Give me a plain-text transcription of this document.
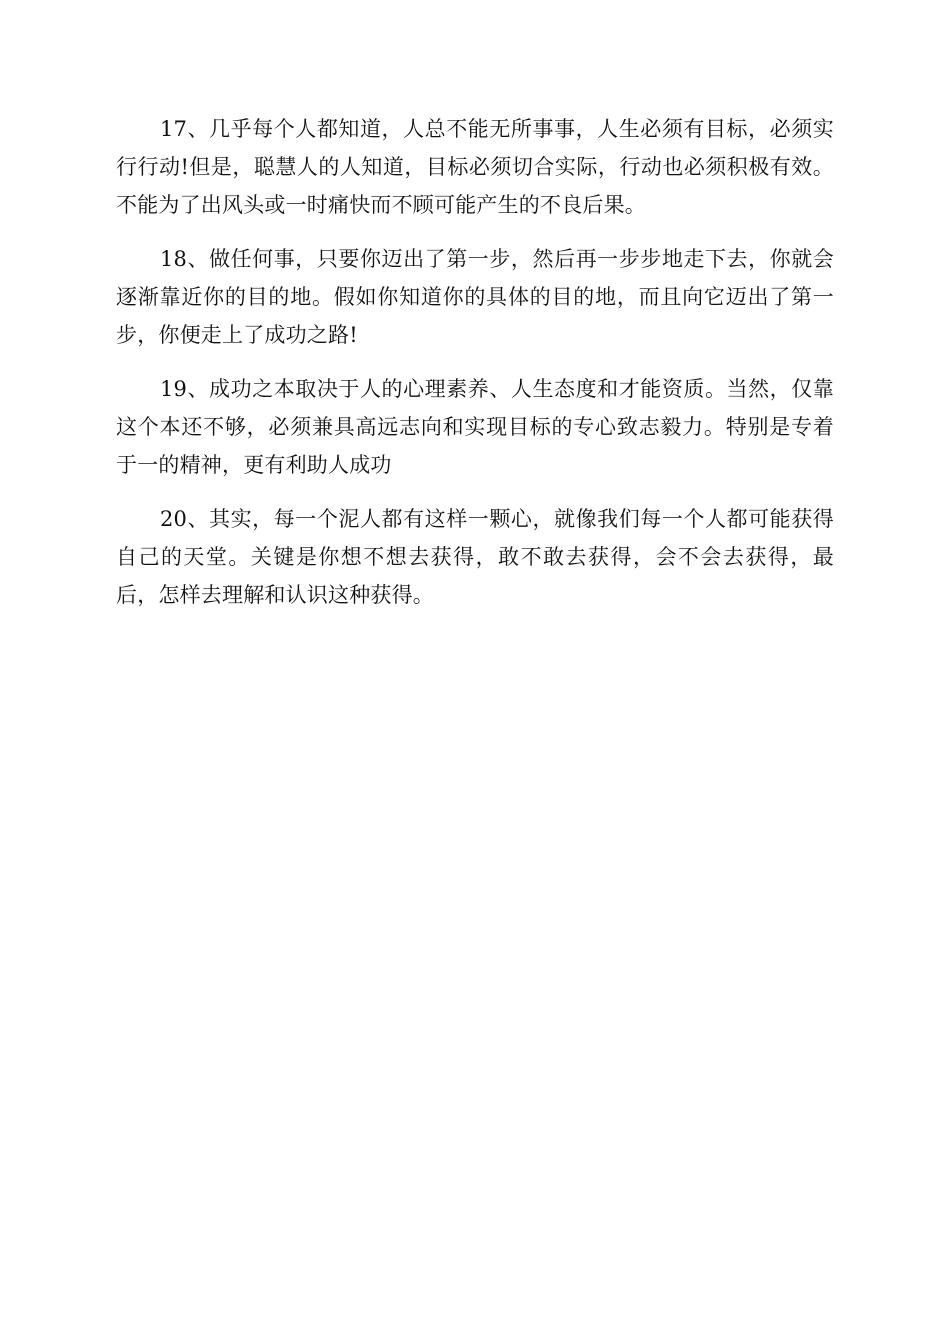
17、几乎每个人都知道，人总不能无所事事，人生必须有目标，必须实行行动!但是，聪慧人的人知道，目标必须切合实际，行动也必须积极有效。不能为了出风头或一时痛快而不顾可能产生的不良后果。

18、做任何事，只要你迈出了第一步，然后再一步步地走下去，你就会逐渐靠近你的目的地。假如你知道你的具体的目的地，而且向它迈出了第一步，你便走上了成功之路!

19、成功之本取决于人的心理素养、人生态度和才能资质。当然，仅靠这个本还不够，必须兼具高远志向和实现目标的专心致志毅力。特别是专着于一的精神，更有利助人成功

20、其实，每一个泥人都有这样一颗心，就像我们每一个人都可能获得自己的天堂。关键是你想不想去获得，敢不敢去获得，会不会去获得，最后，怎样去理解和认识这种获得。
